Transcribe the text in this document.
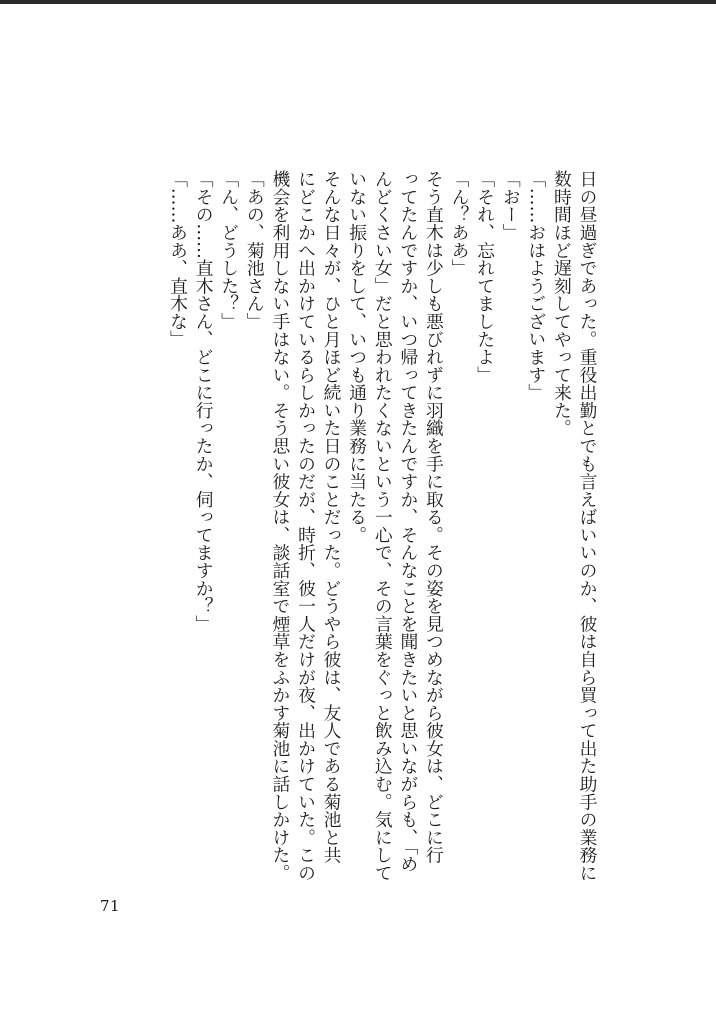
日の昼過ぎであった。重役出勤とでも言えばいいのか、彼は自ら買って出た助手の業務に

数時間ほど遅刻してやって来た。

「……おはようございます」

「おー」

「それ、忘れてましたよ」

「ん？ああ」

そう直木は少しも悪びれずに羽織を手に取る。その姿を見つめながら彼女は、どこに行

ってたんですか、いつ帰ってきたんですか、そんなことを聞きたいと思いながらも、「め

んどくさい女」だと思われたくないという一心で、その言葉をぐっと飲み込む。気にして

いない振りをして、いつも通り業務に当たる。

そんな日々が、ひと月ほど続いた日のことだった。どうやら彼は、友人である菊池と共

にどこかへ出かけているらしかったのだが、時折、彼一人だけが夜、出かけていた。この

機会を利用しない手はない。そう思い彼女は、談話室で煙草をふかす菊池に話しかけた。

「あの、菊池さん」

「ん、どうした？」

「その……直木さん、どこに行ったか、伺ってますか？」

「……ああ、直木な」

71
